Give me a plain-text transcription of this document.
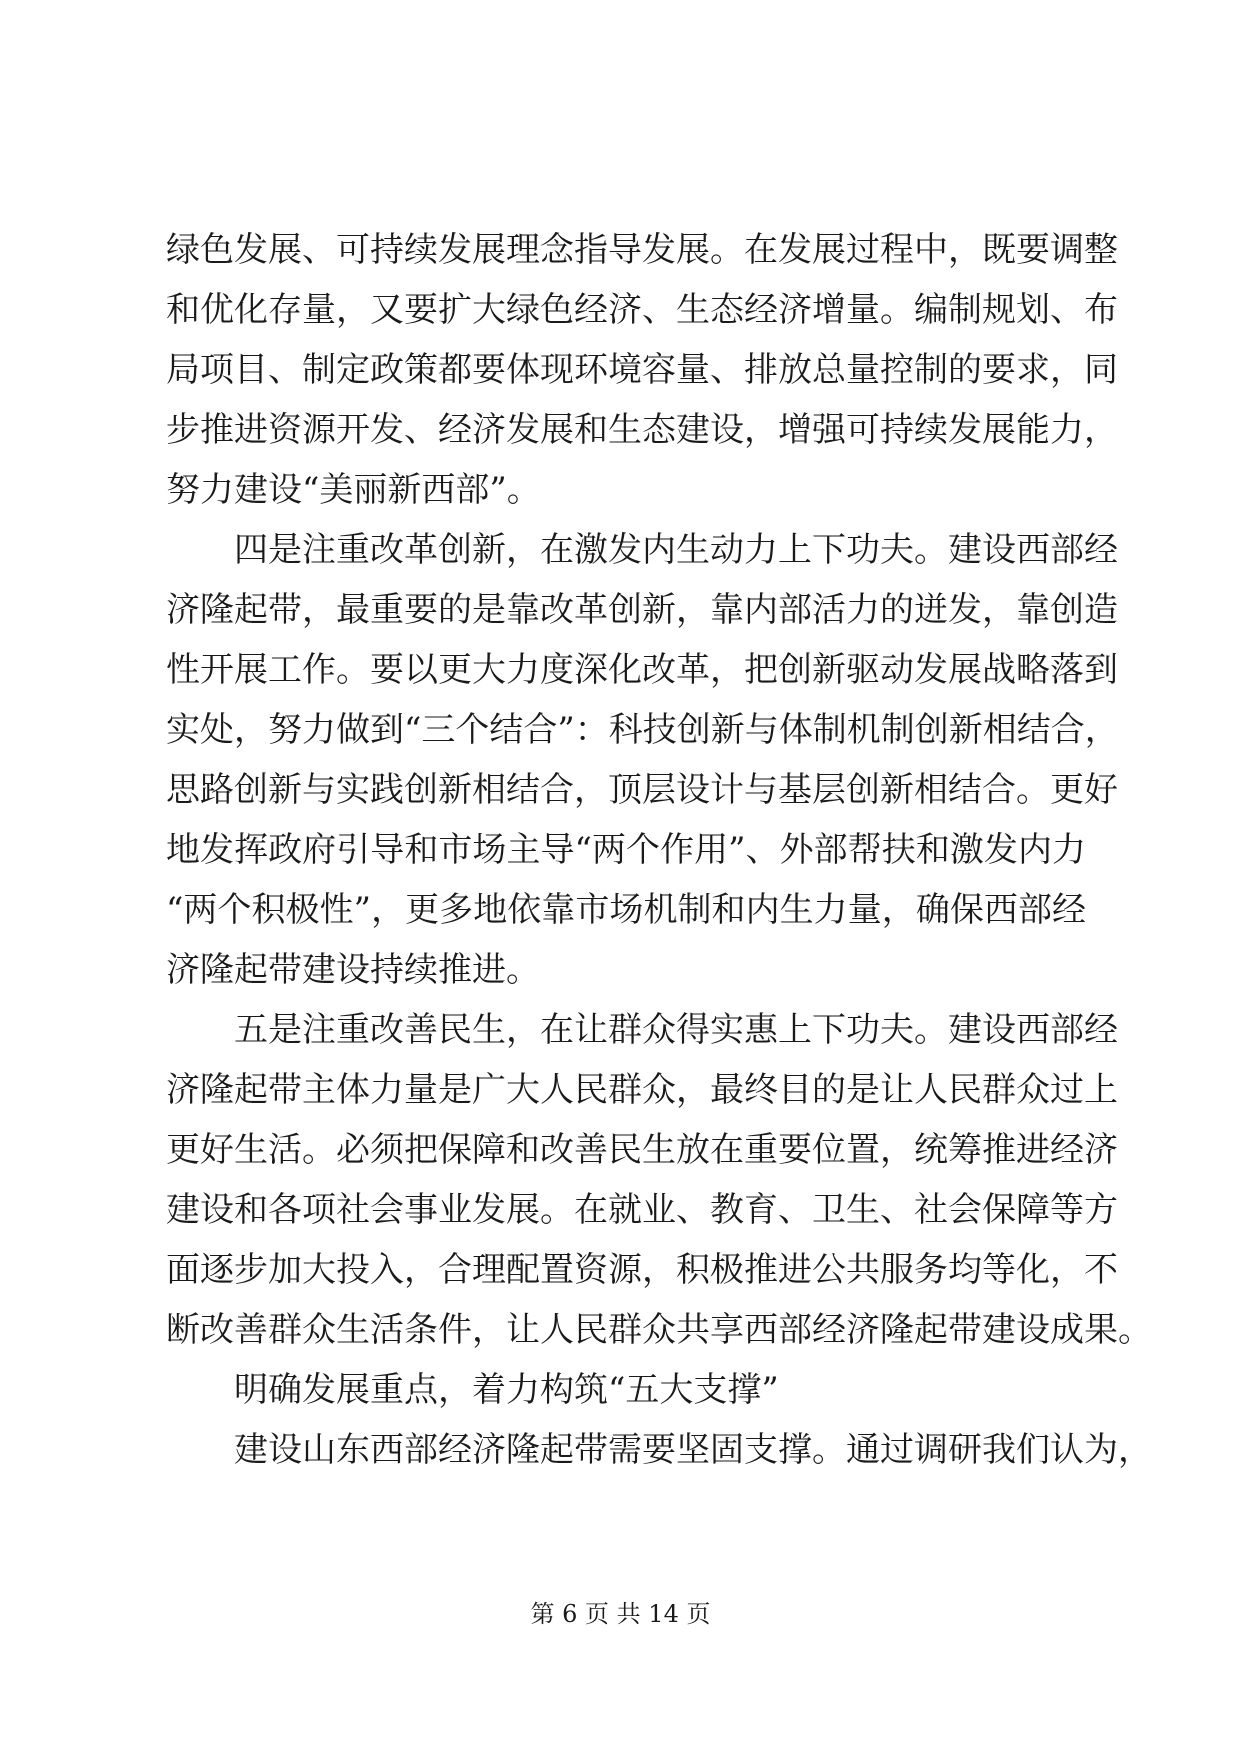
绿色发展、可持续发展理念指导发展。在发展过程中，既要调整
和优化存量，又要扩大绿色经济、生态经济增量。编制规划、布
局项目、制定政策都要体现环境容量、排放总量控制的要求，同
步推进资源开发、经济发展和生态建设，增强可持续发展能力，
努力建设“美丽新西部”。
四是注重改革创新，在激发内生动力上下功夫。建设西部经
济隆起带，最重要的是靠改革创新，靠内部活力的迸发，靠创造
性开展工作。要以更大力度深化改革，把创新驱动发展战略落到
实处，努力做到“三个结合”：科技创新与体制机制创新相结合，
思路创新与实践创新相结合，顶层设计与基层创新相结合。更好
地发挥政府引导和市场主导“两个作用”、外部帮扶和激发内力
“两个积极性”，更多地依靠市场机制和内生力量，确保西部经
济隆起带建设持续推进。
五是注重改善民生，在让群众得实惠上下功夫。建设西部经
济隆起带主体力量是广大人民群众，最终目的是让人民群众过上
更好生活。必须把保障和改善民生放在重要位置，统筹推进经济
建设和各项社会事业发展。在就业、教育、卫生、社会保障等方
面逐步加大投入，合理配置资源，积极推进公共服务均等化，不
断改善群众生活条件，让人民群众共享西部经济隆起带建设成果。
明确发展重点，着力构筑“五大支撑”
建设山东西部经济隆起带需要坚固支撑。通过调研我们认为，
第 6 页 共 14 页
